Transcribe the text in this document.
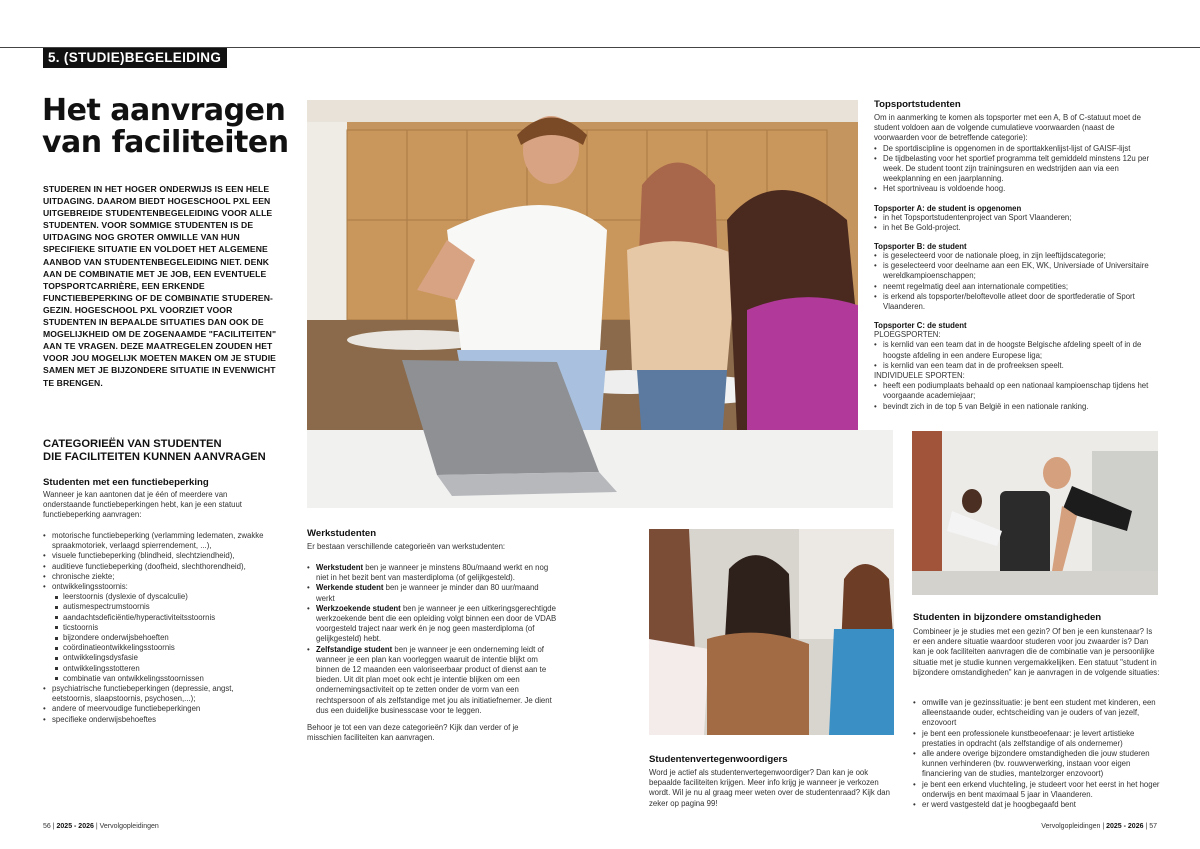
5. (STUDIE)BEGELEIDING
Het aanvragen
van faciliteiten
STUDEREN IN HET HOGER ONDERWIJS IS EEN HELE UITDAGING. DAAROM BIEDT HOGESCHOOL PXL EEN UITGEBREIDE STUDENTENBEGELEIDING VOOR ALLE STUDENTEN. VOOR SOMMIGE STUDENTEN IS DE UITDAGING NOG GROTER OMWILLE VAN HUN SPECIFIEKE SITUATIE EN VOLDOET HET ALGEMENE AANBOD VAN STUDENTENBEGELEIDING NIET. DENK AAN DE COMBINATIE MET JE JOB, EEN EVENTUELE TOPSPORTCARRIÈRE, EEN ERKENDE FUNCTIEBEPERKING OF DE COMBINATIE STUDEREN-GEZIN. HOGESCHOOL PXL VOORZIET VOOR STUDENTEN IN BEPAALDE SITUATIES DAN OOK DE MOGELIJKHEID OM DE ZOGENAAMDE "FACILITEITEN" AAN TE VRAGEN. DEZE MAATREGELEN ZOUDEN HET VOOR JOU MOGELIJK MOETEN MAKEN OM JE STUDIE SAMEN MET JE BIJZONDERE SITUATIE IN EVENWICHT TE BRENGEN.
CATEGORIEËN VAN STUDENTEN
DIE FACILITEITEN KUNNEN AANVRAGEN
Studenten met een functiebeperking
Wanneer je kan aantonen dat je één of meerdere van onderstaande functiebeperkingen hebt, kan je een statuut functiebeperking aanvragen:
• motorische functiebeperking (verlamming ledematen, zwakke spraakmotoriek, verlaagd spierrendement, ...),
• visuele functiebeperking (blindheid, slechtziendheid),
• auditieve functiebeperking (doofheid, slechthorendheid),
• chronische ziekte;
• ontwikkelingsstoornis:
leerstoornis (dyslexie of dyscalculie)
autismespectrumstoornis
aandachtsdeficiëntie/hyperactiviteitsstoornis
ticstoornis
bijzondere onderwijsbehoeften
coördinatieontwikkelingsstoornis
ontwikkelingsdysfasie
ontwikkelingsstotteren
combinatie van ontwikkelingsstoornissen
• psychiatrische functiebeperkingen (depressie, angst, eetstoornis, slaapstoornis, psychosen,...);
• andere of meervoudige functiebeperkingen
• specifieke onderwijsbehoeftes
Topsportstudenten
Om in aanmerking te komen als topsporter met een A, B of C-statuut moet de student voldoen aan de volgende cumulatieve voorwaarden (naast de voorwaarden voor de betreffende categorie):
• De sportdiscipline is opgenomen in de sporttakkenlijst-lijst of GAISF-lijst
• De tijdbelasting voor het sportief programma telt gemiddeld minstens 12u per week. De student toont zijn trainingsuren en wedstrijden aan via een weekplanning en een jaarplanning.
• Het sportniveau is voldoende hoog.
Topsporter A: de student is opgenomen
• in het Topsportstudentenproject van Sport Vlaanderen;
• in het Be Gold-project.
Topsporter B: de student
• is geselecteerd voor de nationale ploeg, in zijn leeftijdscategorie;
• is geselecteerd voor deelname aan een EK, WK, Universiade of Universitaire wereldkampioenschappen;
• neemt regelmatig deel aan internationale competities;
• is erkend als topsporter/beloftevolle atleet door de sportfederatie of Sport Vlaanderen.
Topsporter C: de student
PLOEGSPORTEN:
• is kernlid van een team dat in de hoogste Belgische afdeling speelt of in de hoogste afdeling in een andere Europese liga;
• is kernlid van een team dat in de profreeksen speelt.
INDIVIDUELE SPORTEN:
• heeft een podiumplaats behaald op een nationaal kampioenschap tijdens het voorgaande academiejaar;
• bevindt zich in de top 5 van België in een nationale ranking.
Werkstudenten
Er bestaan verschillende categorieën van werkstudenten:
• Werkstudent ben je wanneer je minstens 80u/maand werkt en nog niet in het bezit bent van masterdiploma (of gelijkgesteld).
• Werkende student ben je wanneer je minder dan 80 uur/maand werkt
• Werkzoekende student ben je wanneer je een uitkeringsgerechtigde werkzoekende bent die een opleiding volgt binnen een door de VDAB voorgesteld traject naar werk én je nog geen masterdiploma (of gelijkgesteld) hebt.
• Zelfstandige student ben je wanneer je een onderneming leidt of wanneer je een plan kan voorleggen waaruit de intentie blijkt om binnen de 12 maanden een valoriseerbaar product of dienst aan te bieden. Uit dit plan moet ook echt je intentie blijken om een ondernemingsactiviteit op te zetten onder de vorm van een rechtspersoon of als zelfstandige met jou als initiatiefnemer. Je dient dus een duidelijke businesscase voor te leggen.
Behoor je tot een van deze categorieën? Kijk dan verder of je misschien faciliteiten kan aanvragen.
Studentenvertegenwoordigers
Word je actief als studentenvertegenwoordiger? Dan kan je ook bepaalde faciliteiten krijgen. Meer info krijg je wanneer je verkozen wordt. Wil je nu al graag meer weten over de studentenraad? Kijk dan zeker op pagina 99!
Studenten in bijzondere omstandigheden
Combineer je je studies met een gezin? Of ben je een kunstenaar? Is er een andere situatie waardoor studeren voor jou zwaarder is? Dan kan je ook faciliteiten aanvragen die de combinatie van je persoonlijke situatie met je studie kunnen vergemakkelijken. Een statuut "student in bijzondere omstandigheden" kan je aanvragen in de volgende situaties:
• omwille van je gezinssituatie: je bent een student met kinderen, een alleenstaande ouder, echtscheiding van je ouders of van jezelf, enzovoort
• je bent een professionele kunstbeoefenaar: je levert artistieke prestaties in opdracht (als zelfstandige of als ondernemer)
• alle andere overige bijzondere omstandigheden die jouw studeren kunnen verhinderen (bv. rouwverwerking, instaan voor eigen financiering van de studies, mantelzorger enzovoort)
• je bent een erkend vluchteling, je studeert voor het eerst in het hoger onderwijs en bent maximaal 5 jaar in Vlaanderen.
• er werd vastgesteld dat je hoogbegaafd bent
56 | 2025 - 2026 | Vervolgopleidingen	Vervolgopleidingen | 2025 - 2026 | 57
